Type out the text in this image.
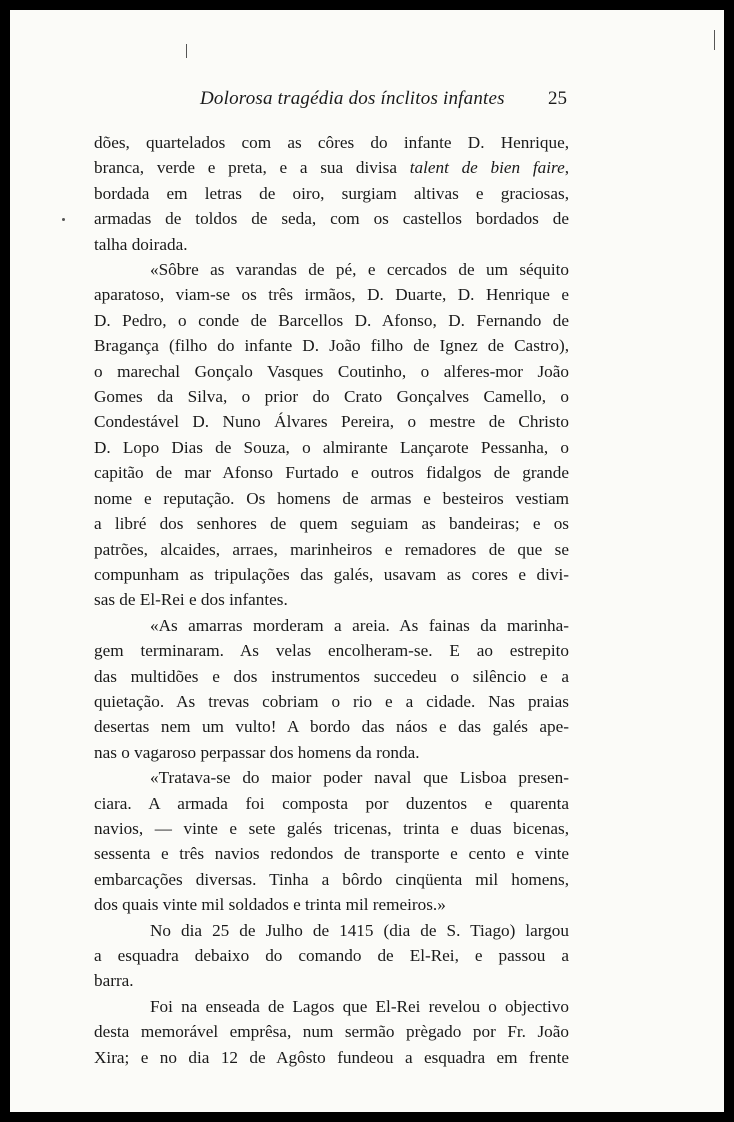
Dolorosa tragédia dos ínclitos infantes 25
dões, quartelados com as côres do infante D. Henrique,
branca, verde e preta, e a sua divisa talent de bien faire,
bordada em letras de oiro, surgiam altivas e graciosas,
armadas de toldos de seda, com os castellos bordados de
talha doirada.
«Sôbre as varandas de pé, e cercados de um séquito
aparatoso, viam-se os três irmãos, D. Duarte, D. Henrique e
D. Pedro, o conde de Barcellos D. Afonso, D. Fernando de
Bragança (filho do infante D. João filho de Ignez de Castro),
o marechal Gonçalo Vasques Coutinho, o alferes-mor João
Gomes da Silva, o prior do Crato Gonçalves Camello, o
Condestável D. Nuno Álvares Pereira, o mestre de Christo
D. Lopo Dias de Souza, o almirante Lançarote Pessanha, o
capitão de mar Afonso Furtado e outros fidalgos de grande
nome e reputação. Os homens de armas e besteiros vestiam
a libré dos senhores de quem seguiam as bandeiras; e os
patrões, alcaides, arraes, marinheiros e remadores de que se
compunham as tripulações das galés, usavam as cores e divi-
sas de El-Rei e dos infantes.
«As amarras morderam a areia. As fainas da marinha-
gem terminaram. As velas encolheram-se. E ao estrepito
das multidões e dos instrumentos succedeu o silêncio e a
quietação. As trevas cobriam o rio e a cidade. Nas praias
desertas nem um vulto! A bordo das náos e das galés ape-
nas o vagaroso perpassar dos homens da ronda.
«Tratava-se do maior poder naval que Lisboa presen-
ciara. A armada foi composta por duzentos e quarenta
navios, — vinte e sete galés tricenas, trinta e duas bicenas,
sessenta e três navios redondos de transporte e cento e vinte
embarcações diversas. Tinha a bôrdo cinqüenta mil homens,
dos quais vinte mil soldados e trinta mil remeiros.»
No dia 25 de Julho de 1415 (dia de S. Tiago) largou
a esquadra debaixo do comando de El-Rei, e passou a
barra.
Foi na enseada de Lagos que El-Rei revelou o objectivo
desta memorável emprêsa, num sermão prègado por Fr. João
Xira; e no dia 12 de Agôsto fundeou a esquadra em frente
